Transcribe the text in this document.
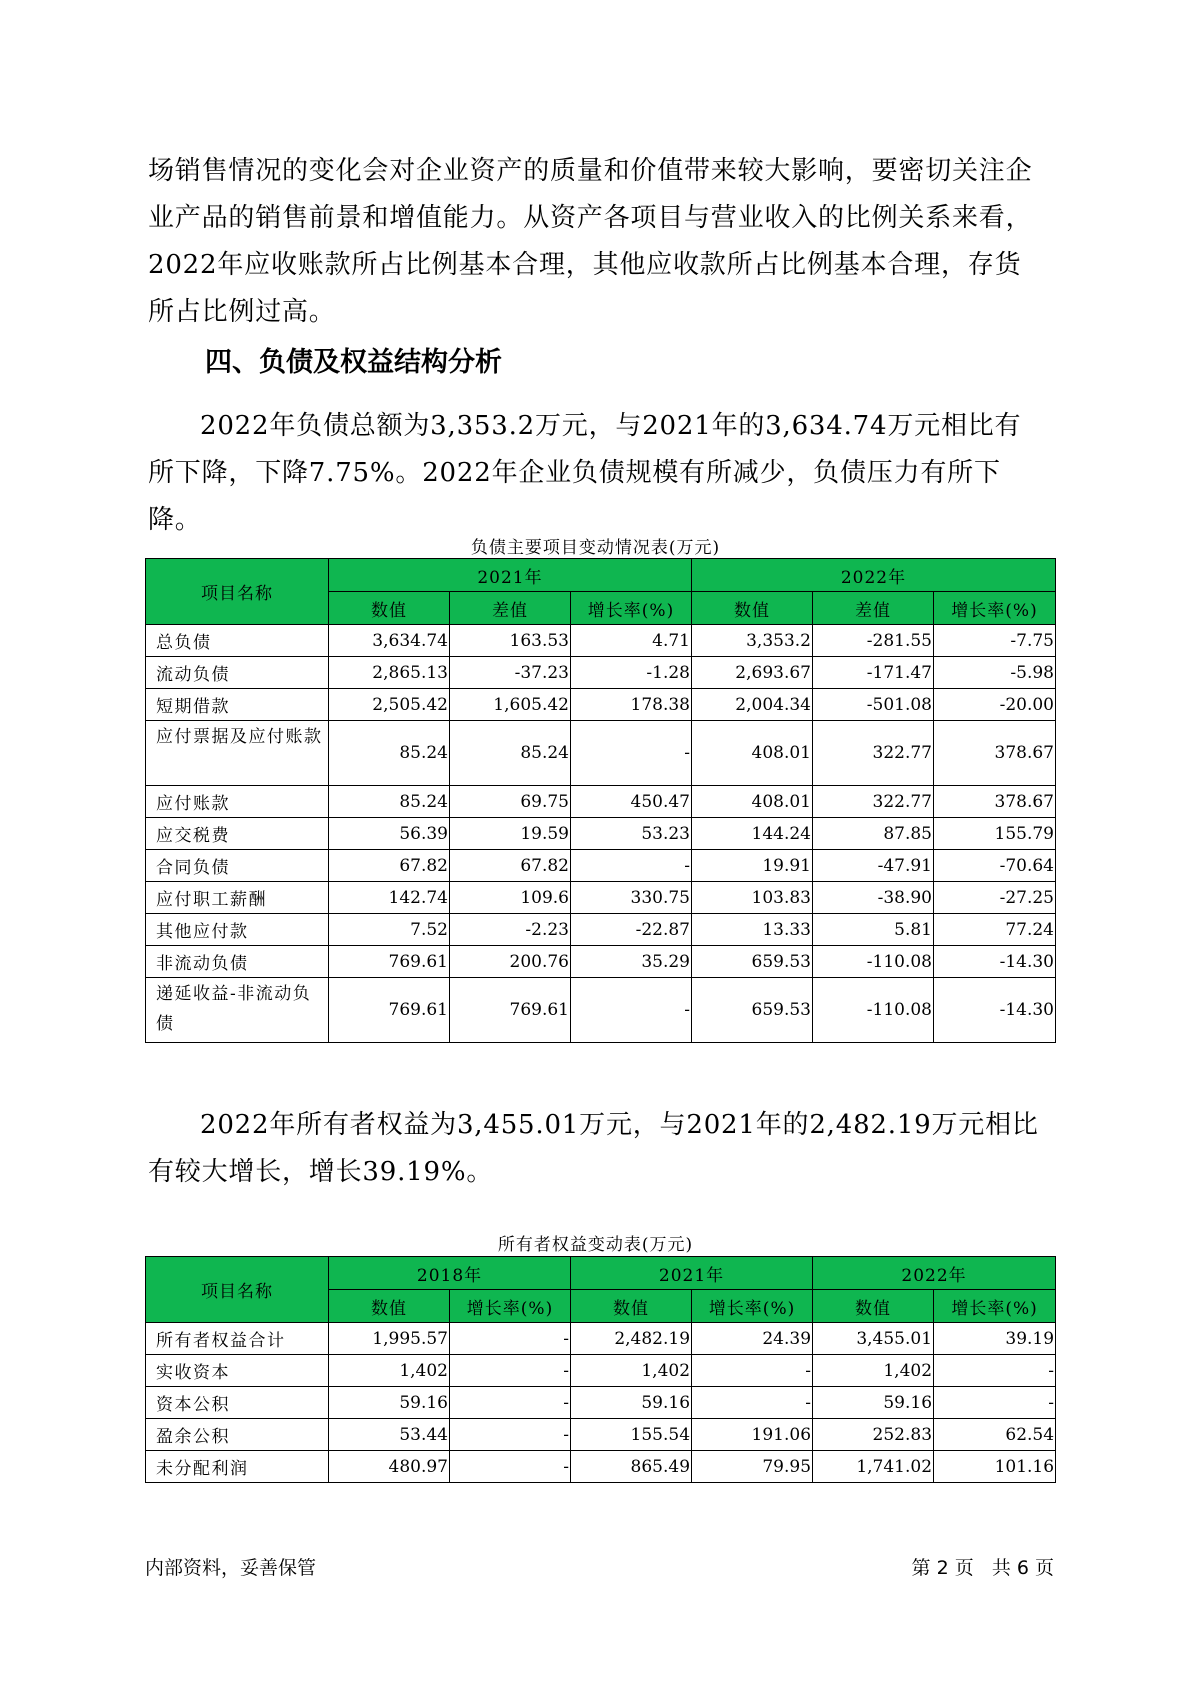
场销售情况的变化会对企业资产的质量和价值带来较大影响，要密切关注企业产品的销售前景和增值能力。从资产各项目与营业收入的比例关系来看，2022年应收账款所占比例基本合理，其他应收款所占比例基本合理，存货所占比例过高。

四、负债及权益结构分析

2022年负债总额为3,353.2万元，与2021年的3,634.74万元相比有所下降，下降7.75%。2022年企业负债规模有所减少，负债压力有所下降。

负债主要项目变动情况表(万元)
项目名称	2021年			2022年		
	数值	差值	增长率(%)	数值	差值	增长率(%)
总负债	3,634.74	163.53	4.71	3,353.2	-281.55	-7.75
流动负债	2,865.13	-37.23	-1.28	2,693.67	-171.47	-5.98
短期借款	2,505.42	1,605.42	178.38	2,004.34	-501.08	-20.00
应付票据及应付账款	85.24	85.24	-	408.01	322.77	378.67
应付账款	85.24	69.75	450.47	408.01	322.77	378.67
应交税费	56.39	19.59	53.23	144.24	87.85	155.79
合同负债	67.82	67.82	-	19.91	-47.91	-70.64
应付职工薪酬	142.74	109.6	330.75	103.83	-38.90	-27.25
其他应付款	7.52	-2.23	-22.87	13.33	5.81	77.24
非流动负债	769.61	200.76	35.29	659.53	-110.08	-14.30
递延收益-非流动负债	769.61	769.61	-	659.53	-110.08	-14.30

2022年所有者权益为3,455.01万元，与2021年的2,482.19万元相比有较大增长，增长39.19%。

所有者权益变动表(万元)
项目名称	2018年		2021年		2022年	
	数值	增长率(%)	数值	增长率(%)	数值	增长率(%)
所有者权益合计	1,995.57	-	2,482.19	24.39	3,455.01	39.19
实收资本	1,402	-	1,402	-	1,402	-
资本公积	59.16	-	59.16	-	59.16	-
盈余公积	53.44	-	155.54	191.06	252.83	62.54
未分配利润	480.97	-	865.49	79.95	1,741.02	101.16
内部资料，妥善保管	第 2 页   共 6 页
